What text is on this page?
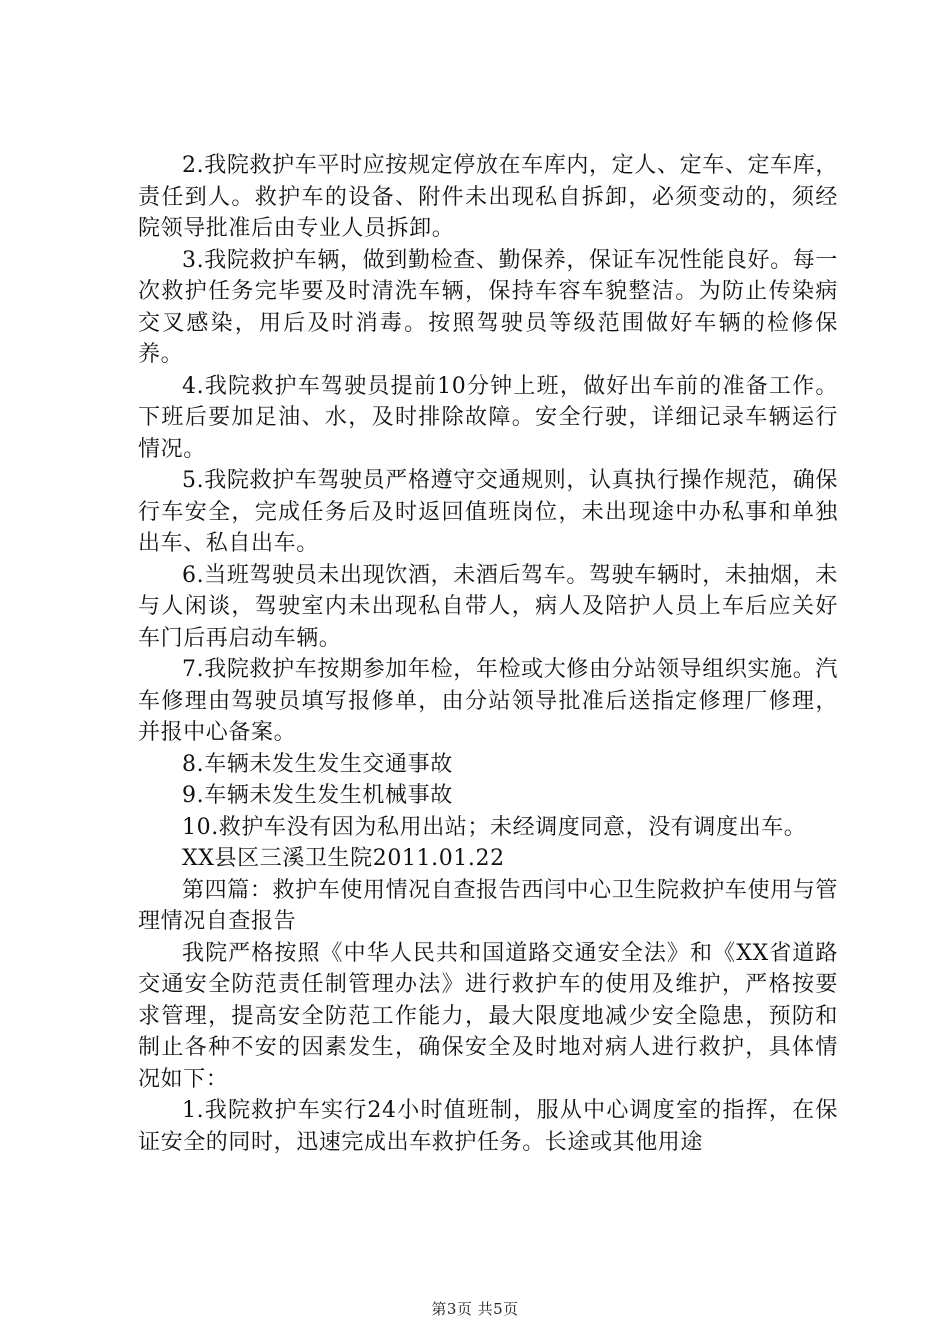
2.我院救护车平时应按规定停放在车库内，定人、定车、定车库，责任到人。救护车的设备、附件未出现私自拆卸，必须变动的，须经院领导批准后由专业人员拆卸。

3.我院救护车辆，做到勤检查、勤保养，保证车况性能良好。每一次救护任务完毕要及时清洗车辆，保持车容车貌整洁。为防止传染病交叉感染，用后及时消毒。按照驾驶员等级范围做好车辆的检修保养。

4.我院救护车驾驶员提前10分钟上班，做好出车前的准备工作。下班后要加足油、水，及时排除故障。安全行驶，详细记录车辆运行情况。

5.我院救护车驾驶员严格遵守交通规则，认真执行操作规范，确保行车安全，完成任务后及时返回值班岗位，未出现途中办私事和单独出车、私自出车。

6.当班驾驶员未出现饮酒，未酒后驾车。驾驶车辆时，未抽烟，未与人闲谈，驾驶室内未出现私自带人，病人及陪护人员上车后应关好车门后再启动车辆。

7.我院救护车按期参加年检，年检或大修由分站领导组织实施。汽车修理由驾驶员填写报修单，由分站领导批准后送指定修理厂修理，并报中心备案。

8.车辆未发生发生交通事故

9.车辆未发生发生机械事故

10.救护车没有因为私用出站；未经调度同意，没有调度出车。

XX县区三溪卫生院2011.01.22

第四篇：救护车使用情况自查报告西闫中心卫生院救护车使用与管理情况自查报告

我院严格按照《中华人民共和国道路交通安全法》和《XX省道路交通安全防范责任制管理办法》进行救护车的使用及维护，严格按要求管理，提高安全防范工作能力，最大限度地减少安全隐患，预防和制止各种不安的因素发生，确保安全及时地对病人进行救护，具体情况如下：

1.我院救护车实行24小时值班制，服从中心调度室的指挥，在保证安全的同时，迅速完成出车救护任务。长途或其他用途

第3页 共5页
